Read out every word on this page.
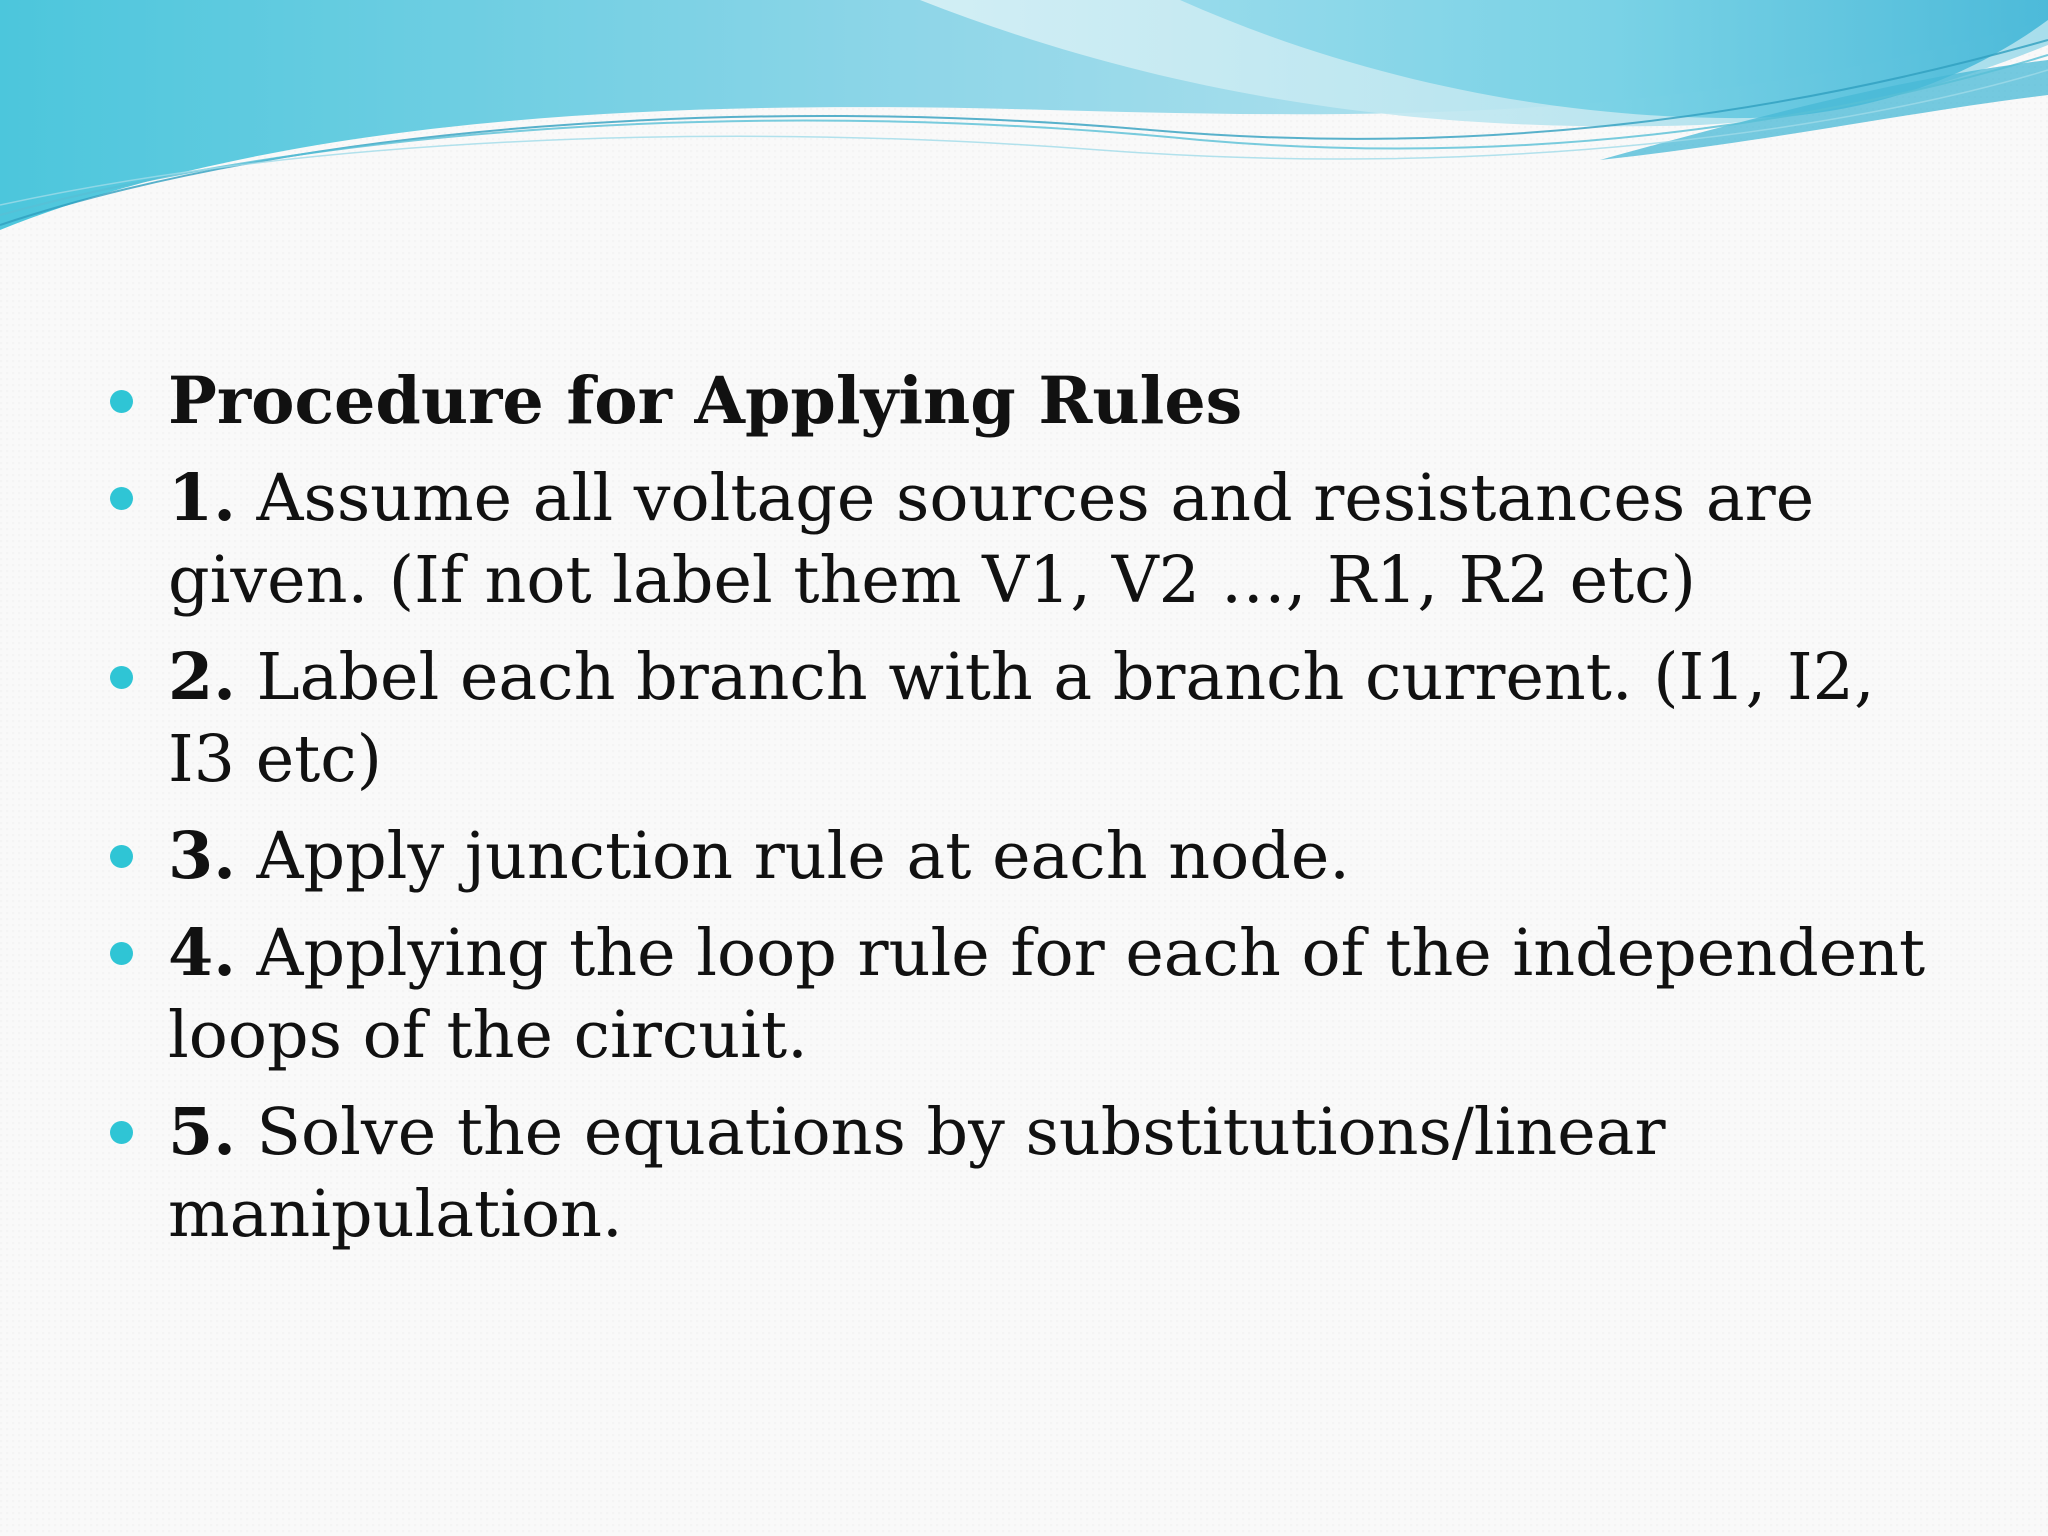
Procedure for Applying Rules
1. Assume all voltage sources and resistances are given. (If not label them V1, V2 …, R1, R2 etc)
2. Label each branch with a branch current. (I1, I2, I3 etc)
3. Apply junction rule at each node.
4. Applying the loop rule for each of the independent loops of the circuit.
5. Solve the equations by substitutions/linear manipulation.
